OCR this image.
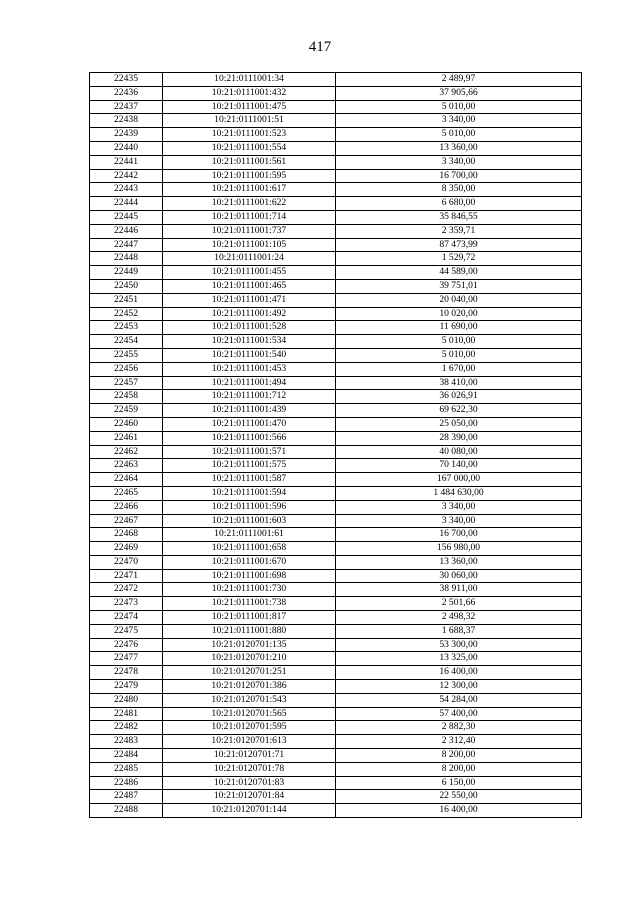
417
22435	10:21:0111001:34	2 489,97
22436	10:21:0111001:432	37 905,66
22437	10:21:0111001:475	5 010,00
22438	10:21:0111001:51	3 340,00
22439	10:21:0111001:523	5 010,00
22440	10:21:0111001:554	13 360,00
22441	10:21:0111001:561	3 340,00
22442	10:21:0111001:595	16 700,00
22443	10:21:0111001:617	8 350,00
22444	10:21:0111001:622	6 680,00
22445	10:21:0111001:714	35 846,55
22446	10:21:0111001:737	2 359,71
22447	10:21:0111001:105	87 473,99
22448	10:21:0111001:24	1 529,72
22449	10:21:0111001:455	44 589,00
22450	10:21:0111001:465	39 751,01
22451	10:21:0111001:471	20 040,00
22452	10:21:0111001:492	10 020,00
22453	10:21:0111001:528	11 690,00
22454	10:21:0111001:534	5 010,00
22455	10:21:0111001:540	5 010,00
22456	10:21:0111001:453	1 670,00
22457	10:21:0111001:494	38 410,00
22458	10:21:0111001:712	36 026,91
22459	10:21:0111001:439	69 622,30
22460	10:21:0111001:470	25 050,00
22461	10:21:0111001:566	28 390,00
22462	10:21:0111001:571	40 080,00
22463	10:21:0111001:575	70 140,00
22464	10:21:0111001:587	167 000,00
22465	10:21:0111001:594	1 484 630,00
22466	10:21:0111001:596	3 340,00
22467	10:21:0111001:603	3 340,00
22468	10:21:0111001:61	16 700,00
22469	10:21:0111001:658	156 980,00
22470	10:21:0111001:670	13 360,00
22471	10:21:0111001:698	30 060,00
22472	10:21:0111001:730	38 911,00
22473	10:21:0111001:738	2 501,66
22474	10:21:0111001:817	2 498,32
22475	10:21:0111001:880	1 688,37
22476	10:21:0120701:135	53 300,00
22477	10:21:0120701:210	13 325,00
22478	10:21:0120701:251	16 400,00
22479	10:21:0120701:386	12 300,00
22480	10:21:0120701:543	54 284,00
22481	10:21:0120701:565	57 400,00
22482	10:21:0120701:595	2 882,30
22483	10:21:0120701:613	2 312,40
22484	10:21:0120701:71	8 200,00
22485	10:21:0120701:78	8 200,00
22486	10:21:0120701:83	6 150,00
22487	10:21:0120701:84	22 550,00
22488	10:21:0120701:144	16 400,00
